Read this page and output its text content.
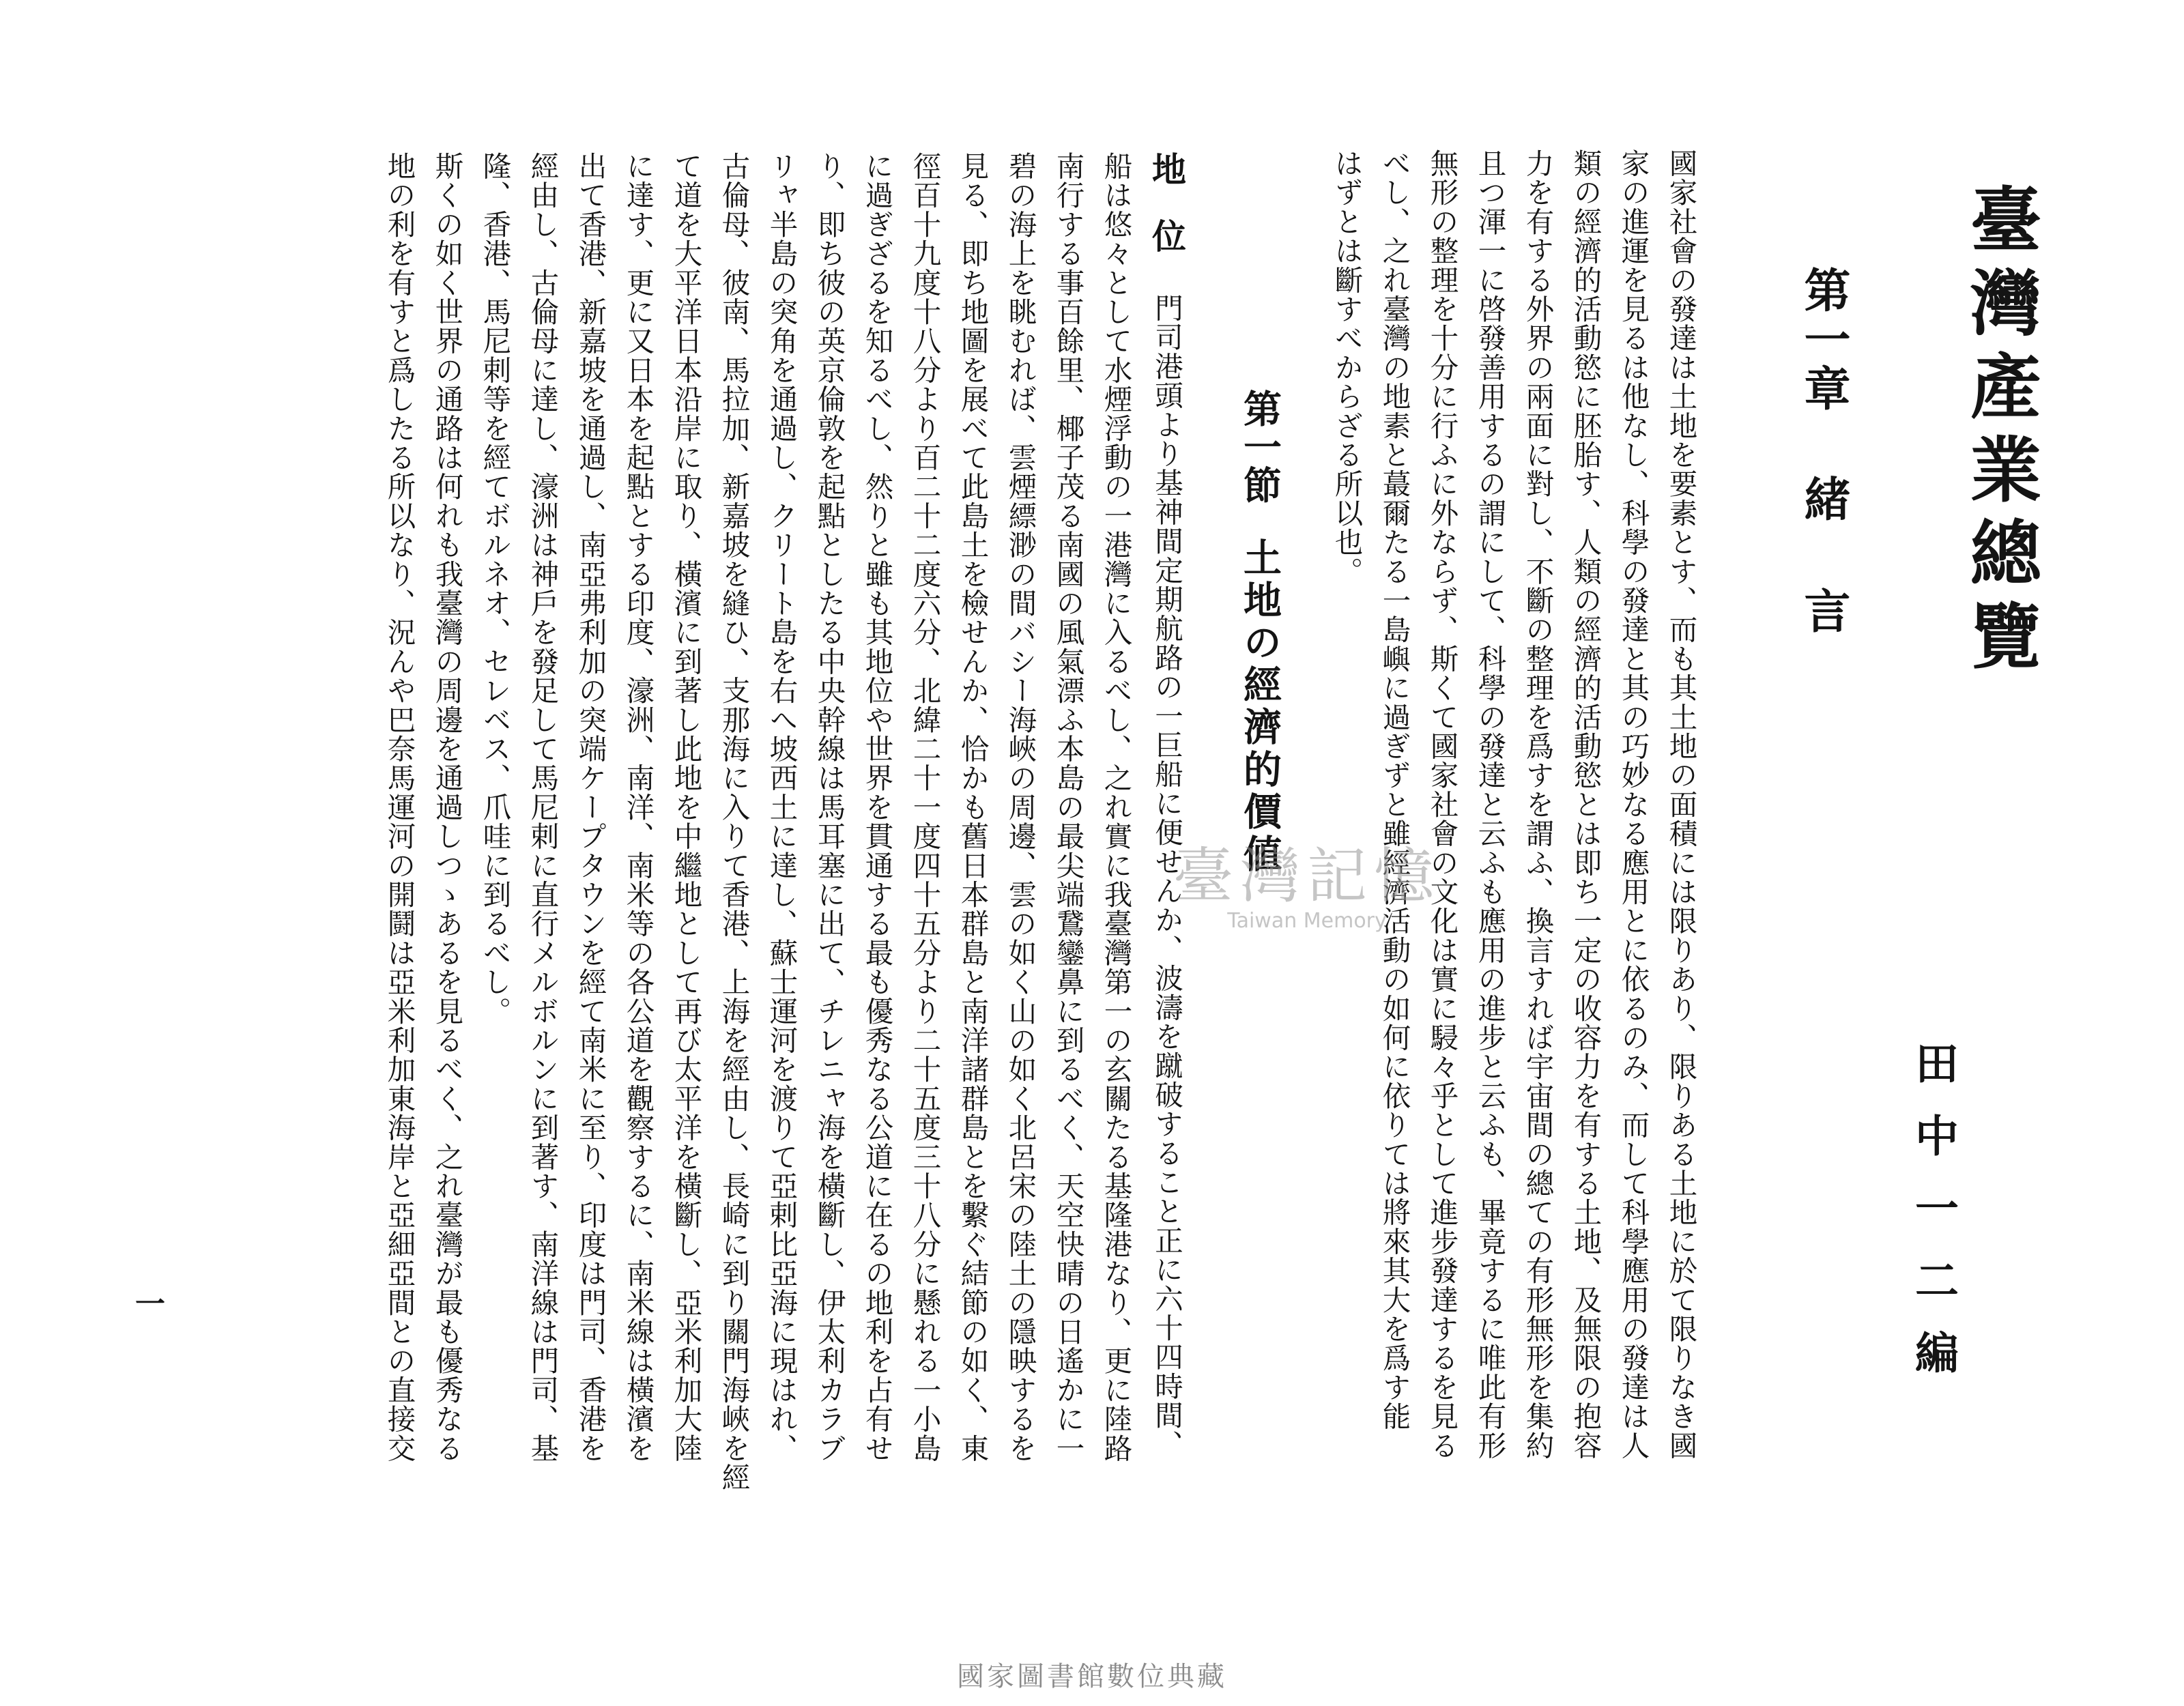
臺灣產業總覽
田中一二編
第一章緒言
國家社會の發達は土地を要素とす、而も其土地の面積には限りあり、限りある土地に於て限りなき國
家の進運を見るは他なし、科學の發達と其の巧妙なる應用とに依るのみ、而して科學應用の發達は人
類の經濟的活動慾に胚胎す、人類の經濟的活動慾とは即ち一定の收容力を有する土地、及無限の抱容
力を有する外界の兩面に對し、不斷の整理を爲すを謂ふ、換言すれば宇宙間の總ての有形無形を集約
且つ渾一に啓發善用するの謂にして、科學の發達と云ふも應用の進步と云ふも、畢竟するに唯此有形
無形の整理を十分に行ふに外ならず、斯くて國家社會の文化は實に駸々乎として進步發達するを見る
べし、之れ臺灣の地素と蕞爾たる一島嶼に過ぎずと雖經濟活動の如何に依りては將來其大を爲す能
はずとは斷すべからざる所以也。
第一節土地の經濟的價値
地位門司港頭より基神間定期航路の一巨船に便せんか、波濤を蹴破すること正に六十四時間、
船は悠々として水煙浮動の一港灣に入るべし、之れ實に我臺灣第一の玄關たる基隆港なり、更に陸路
南行する事百餘里、椰子茂る南國の風氣漂ふ本島の最尖端鵞鑾鼻に到るべく、天空快晴の日遙かに一
碧の海上を眺むれば、雲煙縹渺の間バシー海峽の周邊、雲の如く山の如く北呂宋の陸土の隱映するを
見る、即ち地圖を展べて此島土を檢せんか、恰かも舊日本群島と南洋諸群島とを繫ぐ結節の如く、東
徑百十九度十八分より百二十二度六分、北緯二十一度四十五分より二十五度三十八分に懸れる一小島
に過ぎざるを知るべし、然りと雖も其地位や世界を貫通する最も優秀なる公道に在るの地利を占有せ
り、即ち彼の英京倫敦を起點としたる中央幹線は馬耳塞に出て、チレニャ海を橫斷し、伊太利カラブ
リャ半島の突角を通過し、クリート島を右へ坡西土に達し、蘇士運河を渡りて亞剌比亞海に現はれ、
古倫母、彼南、馬拉加、新嘉坡を縫ひ、支那海に入りて香港、上海を經由し、長崎に到り關門海峽を經
て道を大平洋日本沿岸に取り、橫濱に到著し此地を中繼地として再び太平洋を橫斷し、亞米利加大陸
に達す、更に又日本を起點とする印度、濠洲、南洋、南米等の各公道を觀察するに、南米線は橫濱を
出て香港、新嘉坡を通過し、南亞弗利加の突端ケープタウンを經て南米に至り、印度は門司、香港を
經由し、古倫母に達し、濠洲は神戶を發足して馬尼剌に直行メルボルンに到著す、南洋線は門司、基
隆、香港、馬尼剌等を經てボルネオ、セレベス、爪哇に到るべし。
斯くの如く世界の通路は何れも我臺灣の周邊を通過しつゝあるを見るべく、之れ臺灣が最も優秀なる
地の利を有すと爲したる所以なり、況んや巴奈馬運河の開鬪は亞米利加東海岸と亞細亞間との直接交
一
臺灣記憶
Taiwan Memory
國家圖書館數位典藏
